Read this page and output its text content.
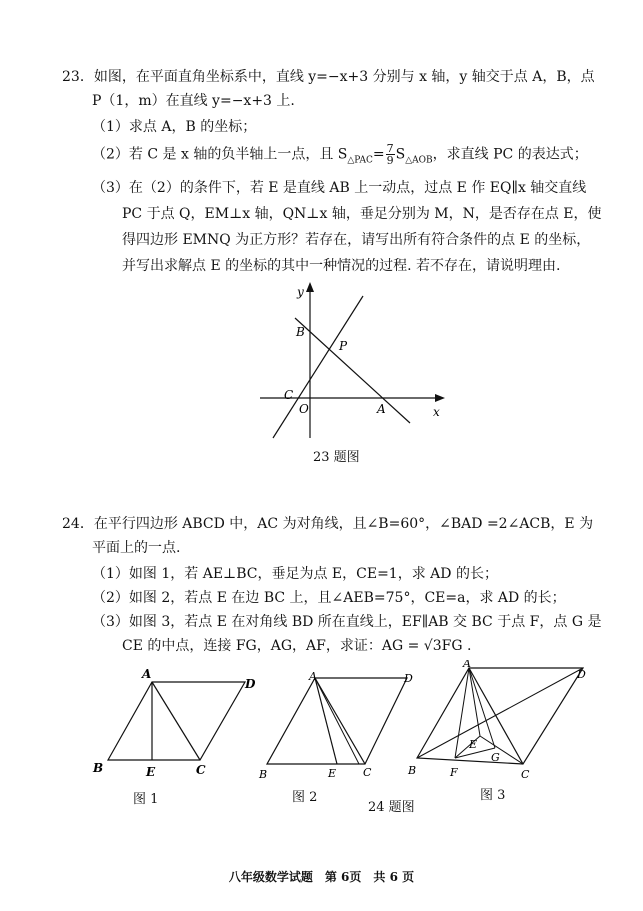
23．如图，在平面直角坐标系中，直线 y=−x+3 分别与 x 轴，y 轴交于点 A，B，点
P（1，m）在直线 y=−x+3 上.
（1）求点 A，B 的坐标；
（2）若 C 是 x 轴的负半轴上一点，且 $S_{\triangle PAC}= \frac{7}{9} S_{\triangle AOB}$，求直线 PC 的表达式；
（3）在（2）的条件下，若 E 是直线 AB 上一动点，过点 E 作 EQ∥x 轴交直线
PC 于点 Q，EM⊥x 轴，QN⊥x 轴，垂足分别为 M，N，是否存在点 E，使
得四边形 EMNQ 为正方形？若存在，请写出所有符合条件的点 E 的坐标，
并写出求解点 E 的坐标的其中一种情况的过程. 若不存在，请说明理由.
y
x
B
P
C
O	A
23 题图
24．在平行四边形 ABCD 中，AC 为对角线，且∠B=60°，∠BAD =2∠ACB，E 为
平面上的一点.
（1）如图 1，若 AE⊥BC，垂足为点 E，CE=1，求 AD 的长；
（2）如图 2，若点 E 在边 BC 上，且∠AEB=75°，CE=a，求 AD 的长；
（3）如图 3，若点 E 在对角线 BD 所在直线上，EF∥AB 交 BC 于点 F，点 G 是
CE 的中点，连接 FG，AG，AF，求证：AG = √3FG .
A
B	E	C
D
图 1
A
B	E C
D
图 2
A
B	F
E
G
C
D
图 3
24 题图
八年级数学试题　第 6页　共 6 页
